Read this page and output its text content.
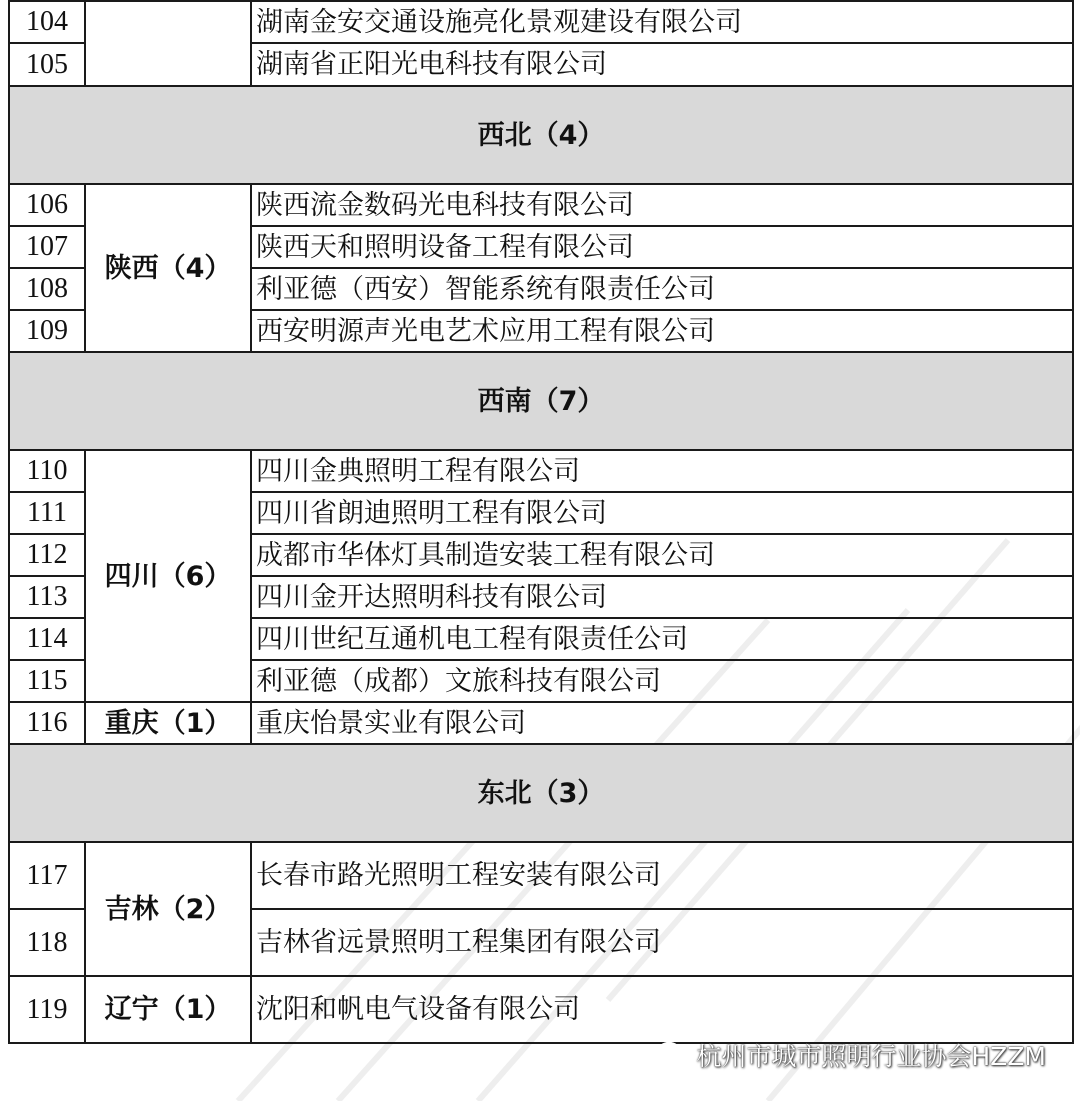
104		湖南金安交通设施亮化景观建设有限公司
105		湖南省正阳光电科技有限公司
西北（4）		
106	陕西（4）	陕西流金数码光电科技有限公司
107		陕西天和照明设备工程有限公司
108		利亚德（西安）智能系统有限责任公司
109		西安明源声光电艺术应用工程有限公司
西南（7）		
110	四川（6）	四川金典照明工程有限公司
111		四川省朗迪照明工程有限公司
112		成都市华体灯具制造安装工程有限公司
113		四川金开达照明科技有限公司
114		四川世纪互通机电工程有限责任公司
115		利亚德（成都）文旅科技有限公司
116	重庆（1）	重庆怡景实业有限公司
东北（3）		
117	吉林（2）	长春市路光照明工程安装有限公司
118		吉林省远景照明工程集团有限公司
119	辽宁（1）	沈阳和帆电气设备有限公司
杭州市城市照明行业协会HZZM
